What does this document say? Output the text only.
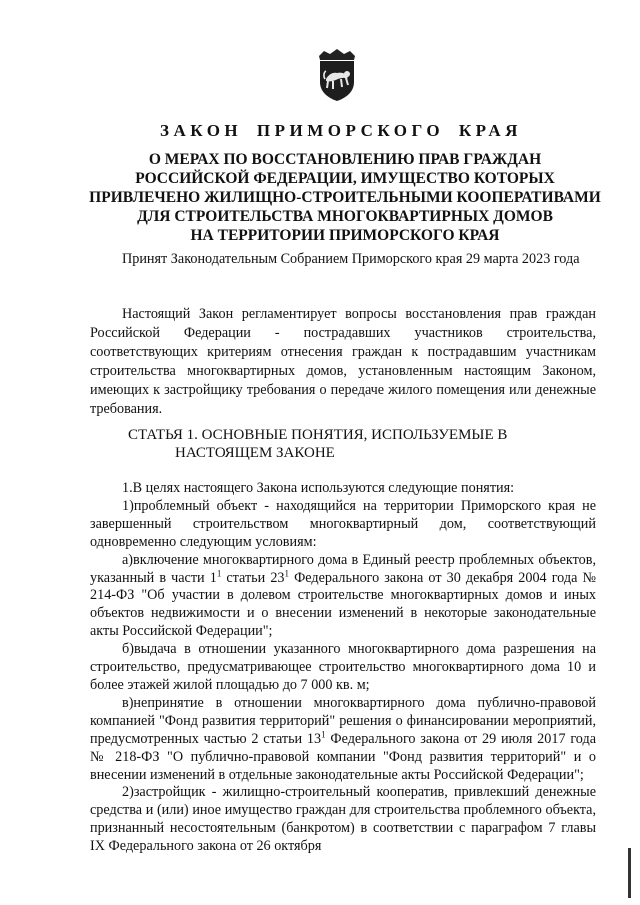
ЗАКОН ПРИМОРСКОГО КРАЯ
О МЕРАХ ПО ВОССТАНОВЛЕНИЮ ПРАВ ГРАЖДАН
РОССИЙСКОЙ ФЕДЕРАЦИИ, ИМУЩЕСТВО КОТОРЫХ
ПРИВЛЕЧЕНО ЖИЛИЩНО-СТРОИТЕЛЬНЫМИ КООПЕРАТИВАМИ
ДЛЯ СТРОИТЕЛЬСТВА МНОГОКВАРТИРНЫХ ДОМОВ
НА ТЕРРИТОРИИ ПРИМОРСКОГО КРАЯ
Принят Законодательным Собранием Приморского края 29 марта 2023 года
Настоящий Закон регламентирует вопросы восстановления прав граждан Российской Федерации - пострадавших участников строительства, соответствующих критериям отнесения граждан к пострадавшим участникам строительства многоквартирных домов, установленным настоящим Законом, имеющих к застройщику требования о передаче жилого помещения или денежные требования.
СТАТЬЯ 1. ОСНОВНЫЕ ПОНЯТИЯ, ИСПОЛЬЗУЕМЫЕ В
НАСТОЯЩЕМ ЗАКОНЕ

1.В целях настоящего Закона используются следующие понятия:

1)проблемный объект - находящийся на территории Приморского края не завершенный строительством многоквартирный дом, соответствующий одновременно следующим условиям:

а)включение многоквартирного дома в Единый реестр проблемных объектов, указанный в части $1^1$ статьи $23^1$ Федерального закона от 30 декабря 2004 года № 214-ФЗ "Об участии в долевом строительстве многоквартирных домов и иных объектов недвижимости и о внесении изменений в некоторые законодательные акты Российской Федерации";

б)выдача в отношении указанного многоквартирного дома разрешения на строительство, предусматривающее строительство многоквартирного дома 10 и более этажей жилой площадью до 7 000 кв. м;

в)непринятие в отношении многоквартирного дома публично-правовой компанией "Фонд развития территорий" решения о финансировании мероприятий, предусмотренных частью 2 статьи $13^1$ Федерального закона от 29 июля 2017 года № 218-ФЗ "О публично-правовой компании "Фонд развития территорий" и о внесении изменений в отдельные законодательные акты Российской Федерации";

2)застройщик - жилищно-строительный кооператив, привлекший денежные средства и (или) иное имущество граждан для строительства проблемного объекта, признанный несостоятельным (банкротом) в соответствии с параграфом 7 главы IX Федерального закона от 26 октября
